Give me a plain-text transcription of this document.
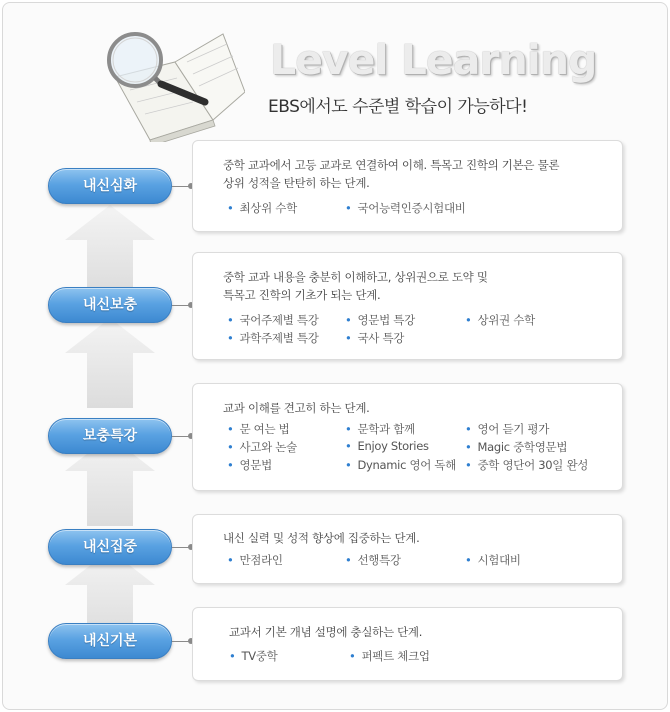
Level Learning
EBS에서도 수준별 학습이 가능하다!
내신심화
내신보충
보충특강
내신집중
내신기본
중학 교과에서 고등 교과로 연결하여 이해. 특목고 진학의 기본은 물론
상위 성적을 탄탄히 하는 단계.
• 최상위 수학	• 국어능력인증시험대비
중학 교과 내용을 충분히 이해하고, 상위권으로 도약 및
특목고 진학의 기초가 되는 단계.
• 국어주제별 특강	• 영문법 특강	• 상위권 수학
• 과학주제별 특강	• 국사 특강
교과 이해를 견고히 하는 단계.
• 문 여는 법	• 문학과 함께	• 영어 듣기 평가
• 사고와 논술	• Enjoy Stories	• Magic 중학영문법
• 영문법	• Dynamic 영어 독해	• 중학 영단어 30일 완성
내신 실력 및 성적 향상에 집중하는 단계.
• 만점라인	• 선행특강	• 시험대비
교과서 기본 개념 설명에 충실하는 단계.
• TV중학	• 퍼펙트 체크업
